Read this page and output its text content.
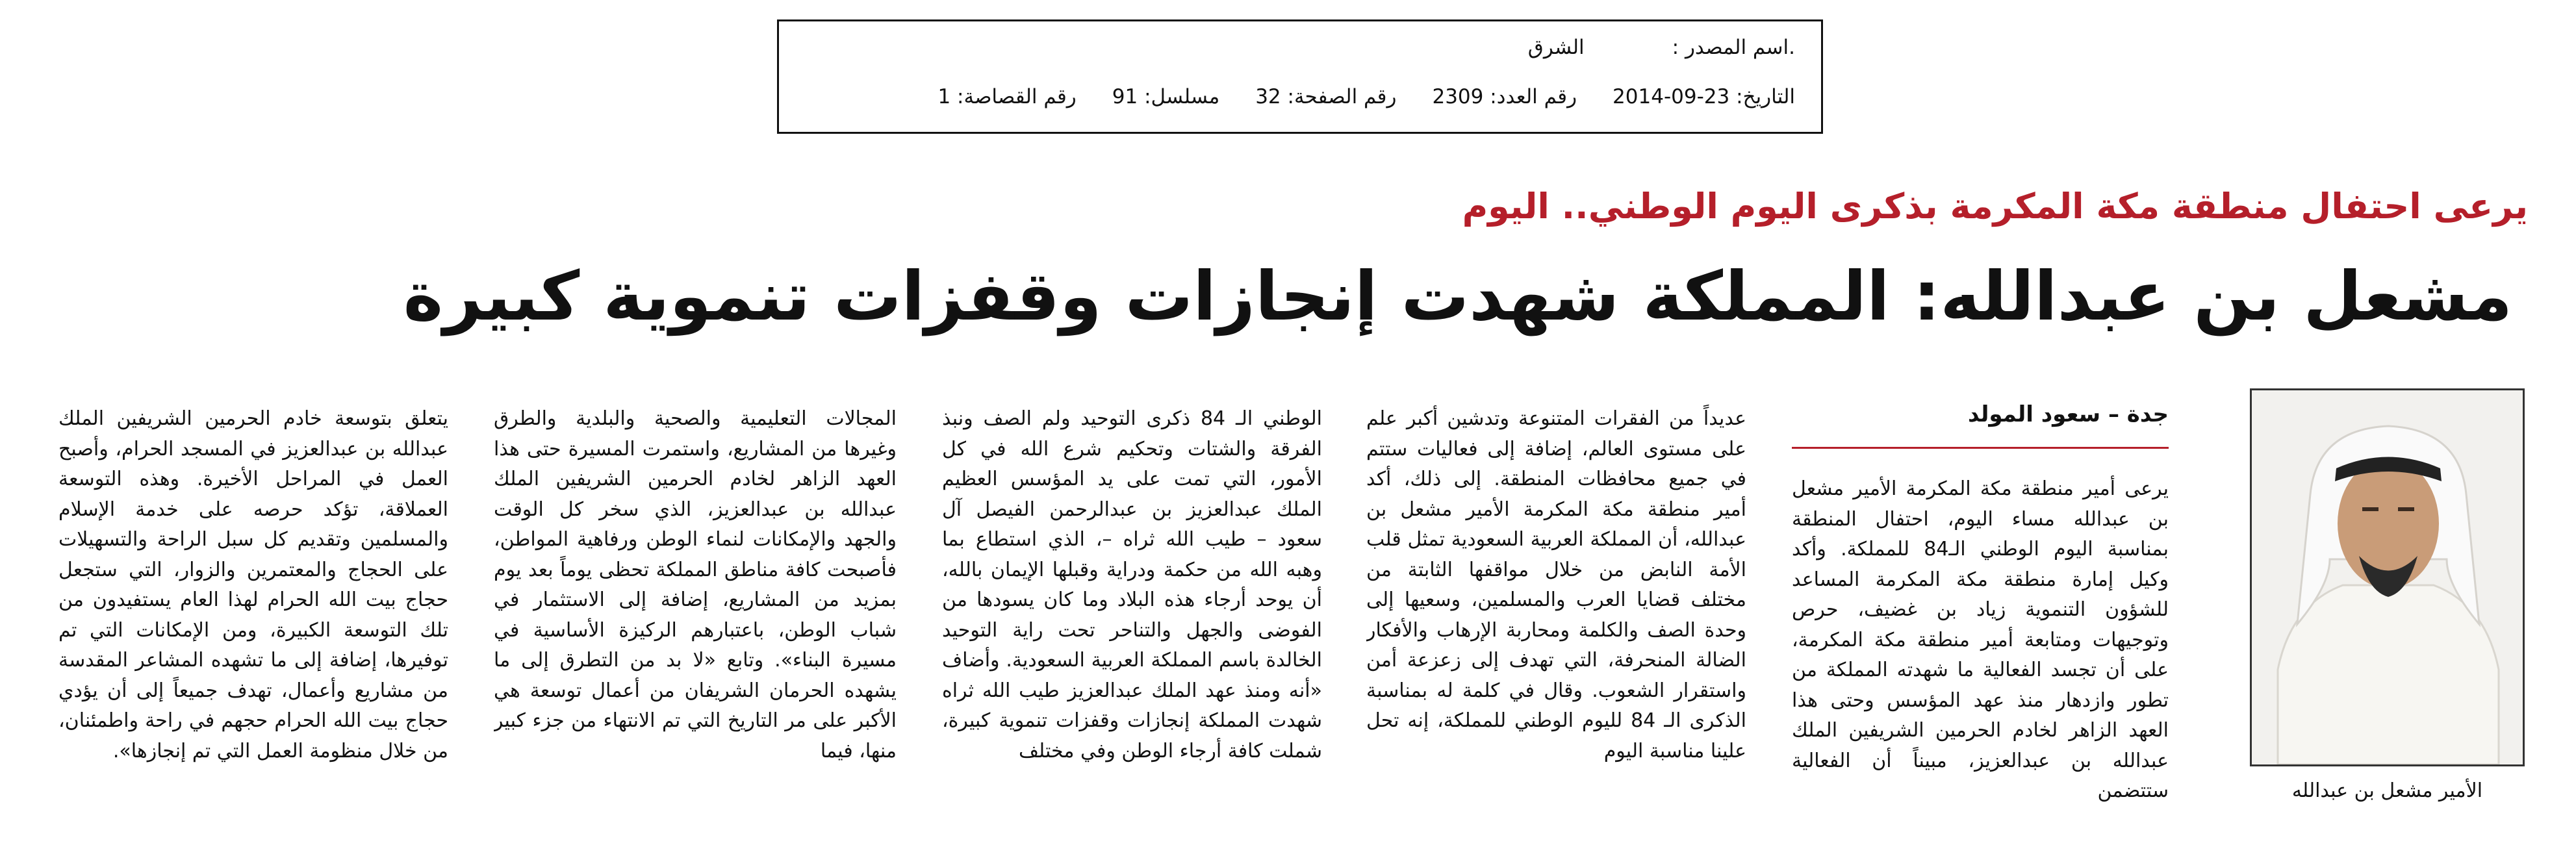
.اسم المصدر :
الشرق
التاريخ: 23-09-2014
رقم العدد: 2309
رقم الصفحة: 32
مسلسل: 91
رقم القصاصة: 1
يرعى احتفال منطقة مكة المكرمة بذكرى اليوم الوطني.. اليوم
مشعل بن عبدالله: المملكة شهدت إنجازات وقفزات تنموية كبيرة
الأمير مشعل بن عبدالله
جدة – سعود المولد

يرعى أمير منطقة مكة المكرمة الأمير مشعل بن عبدالله مساء اليوم، احتفال المنطقة بمناسبة اليوم الوطني الـ84 للمملكة. وأكد وكيل إمارة منطقة مكة المكرمة المساعد للشؤون التنموية زياد بن غضيف، حرص وتوجيهات ومتابعة أمير منطقة مكة المكرمة، على أن تجسد الفعالية ما شهدته المملكة من تطور وازدهار منذ عهد المؤسس وحتى هذا العهد الزاهر لخادم الحرمين الشريفين الملك عبدالله بن عبدالعزيز، مبيناً أن الفعالية ستتضمن

عديداً من الفقرات المتنوعة وتدشين أكبر علم على مستوى العالم، إضافة إلى فعاليات ستتم في جميع محافظات المنطقة. إلى ذلك، أكد أمير منطقة مكة المكرمة الأمير مشعل بن عبدالله، أن المملكة العربية السعودية تمثل قلب الأمة النابض من خلال مواقفها الثابتة من مختلف قضايا العرب والمسلمين، وسعيها إلى وحدة الصف والكلمة ومحاربة الإرهاب والأفكار الضالة المنحرفة، التي تهدف إلى زعزعة أمن واستقرار الشعوب. وقال في كلمة له بمناسبة الذكرى الـ 84 لليوم الوطني للمملكة، إنه تحل علينا مناسبة اليوم

الوطني الـ 84 ذكرى التوحيد ولم الصف ونبذ الفرقة والشتات وتحكيم شرع الله في كل الأمور، التي تمت على يد المؤسس العظيم الملك عبدالعزيز بن عبدالرحمن الفيصل آل سعود – طيب الله ثراه –، الذي استطاع بما وهبه الله من حكمة ودراية وقبلها الإيمان بالله، أن يوحد أرجاء هذه البلاد وما كان يسودها من الفوضى والجهل والتناحر تحت راية التوحيد الخالدة باسم المملكة العربية السعودية. وأضاف «أنه ومنذ عهد الملك عبدالعزيز طيب الله ثراه شهدت المملكة إنجازات وقفزات تنموية كبيرة، شملت كافة أرجاء الوطن وفي مختلف

المجالات التعليمية والصحية والبلدية والطرق وغيرها من المشاريع، واستمرت المسيرة حتى هذا العهد الزاهر لخادم الحرمين الشريفين الملك عبدالله بن عبدالعزيز، الذي سخر كل الوقت والجهد والإمكانات لنماء الوطن ورفاهية المواطن، فأصبحت كافة مناطق المملكة تحظى يوماً بعد يوم بمزيد من المشاريع، إضافة إلى الاستثمار في شباب الوطن، باعتبارهم الركيزة الأساسية في مسيرة البناء». وتابع «لا بد من التطرق إلى ما يشهده الحرمان الشريفان من أعمال توسعة هي الأكبر على مر التاريخ التي تم الانتهاء من جزء كبير منها، فيما

يتعلق بتوسعة خادم الحرمين الشريفين الملك عبدالله بن عبدالعزيز في المسجد الحرام، وأصبح العمل في المراحل الأخيرة. وهذه التوسعة العملاقة، تؤكد حرصه على خدمة الإسلام والمسلمين وتقديم كل سبل الراحة والتسهيلات على الحجاج والمعتمرين والزوار، التي ستجعل حجاج بيت الله الحرام لهذا العام يستفيدون من تلك التوسعة الكبيرة، ومن الإمكانات التي تم توفيرها، إضافة إلى ما تشهده المشاعر المقدسة من مشاريع وأعمال، تهدف جميعاً إلى أن يؤدي حجاج بيت الله الحرام حجهم في راحة واطمئنان، من خلال منظومة العمل التي تم إنجازها».
